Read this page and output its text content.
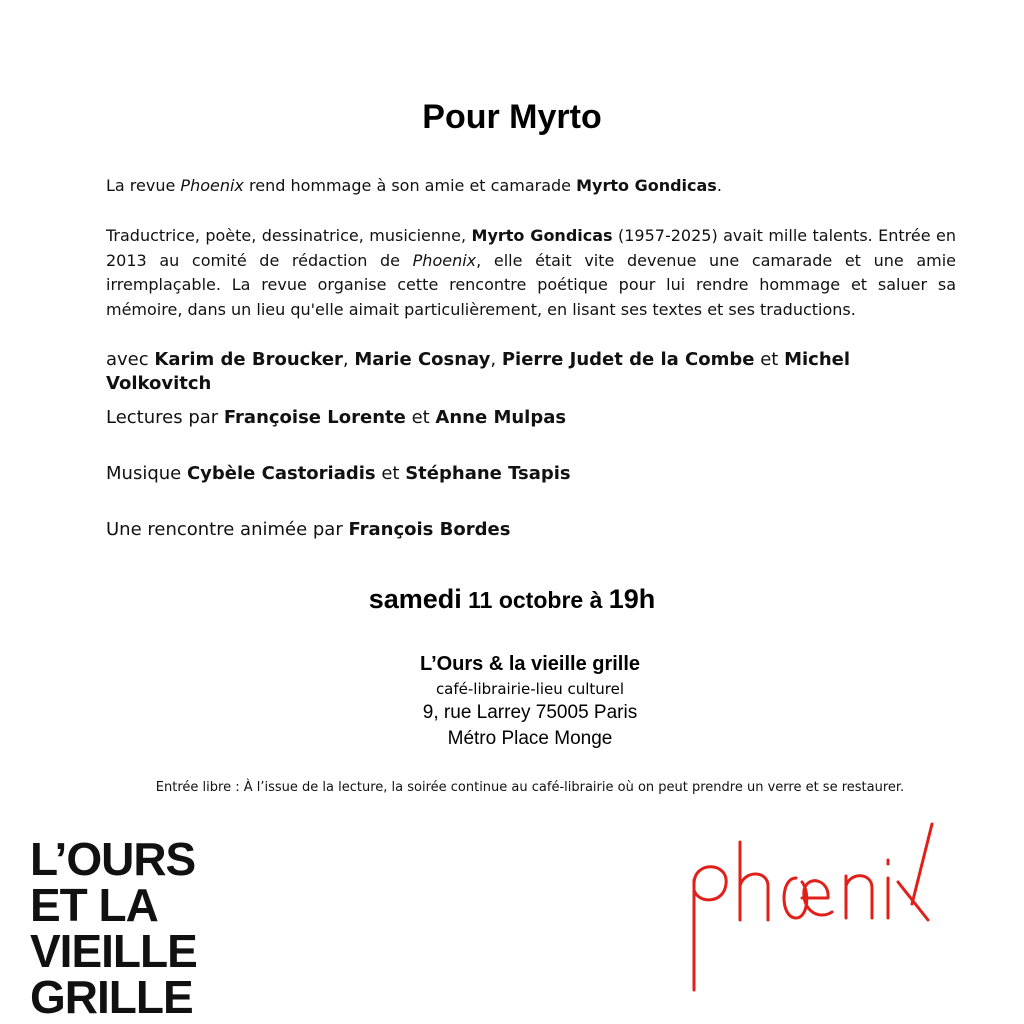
Pour Myrto
La revue Phoenix rend hommage à son amie et camarade Myrto Gondicas.
Traductrice, poète, dessinatrice, musicienne, Myrto Gondicas (1957-2025) avait mille talents. Entrée en 2013 au comité de rédaction de Phoenix, elle était vite devenue une camarade et une amie irremplaçable. La revue organise cette rencontre poétique pour lui rendre hommage et saluer sa mémoire, dans un lieu qu'elle aimait particulièrement, en lisant ses textes et ses traductions.
avec Karim de Broucker, Marie Cosnay, Pierre Judet de la Combe et Michel Volkovitch
Lectures par Françoise Lorente et Anne Mulpas
Musique Cybèle Castoriadis et Stéphane Tsapis
Une rencontre animée par François Bordes
samedi 11 octobre à 19h
L’Ours & la vieille grille
café-librairie-lieu culturel
9, rue Larrey 75005 Paris
Métro Place Monge
Entrée libre : À l’issue de la lecture, la soirée continue au café-librairie où on peut prendre un verre et se restaurer.
L’OURS
ET LA
VIEILLE
GRILLE
